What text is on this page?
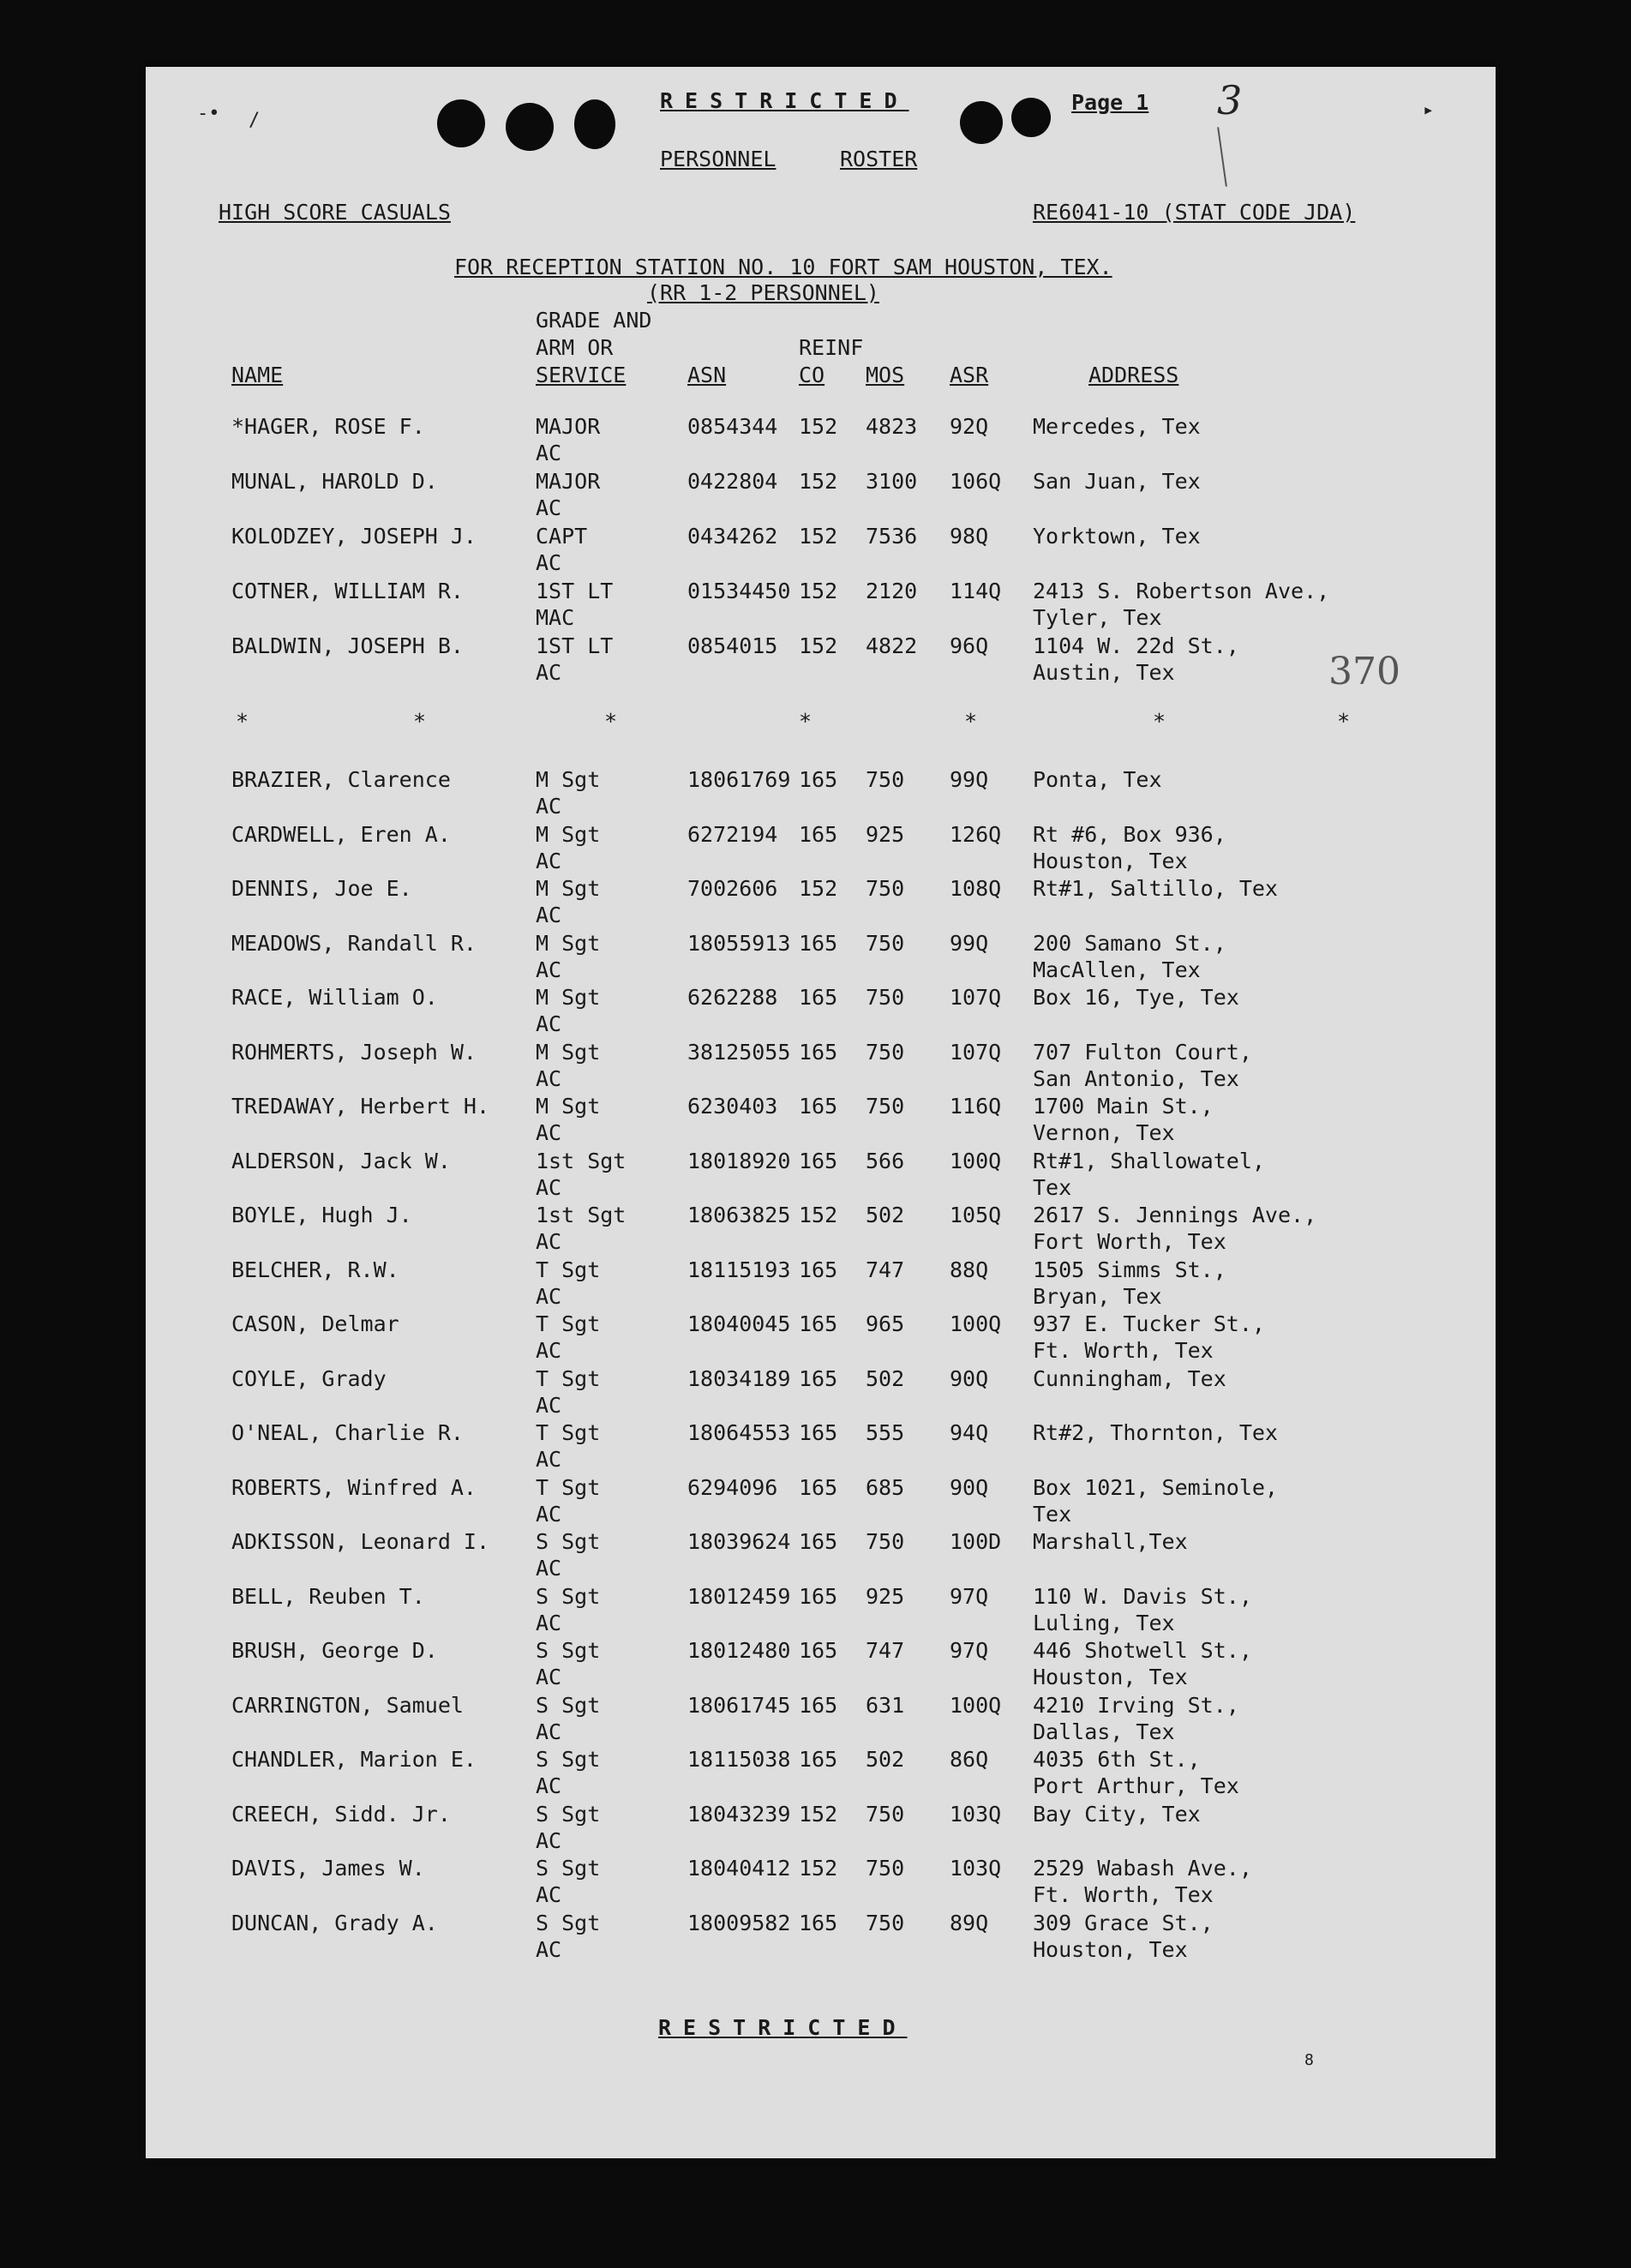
-• /	▸
RESTRICTED	Page 1 3
PERSONNEL	ROSTER
HIGH SCORE CASUALS	RE6041-10 (STAT CODE JDA)
FOR RECEPTION STATION NO. 10 FORT SAM HOUSTON, TEX.
(RR 1-2 PERSONNEL)
GRADE AND
ARM OR	REINF
NAME	SERVICE	ASN	CO MOS ASR	ADDRESS
*HAGER, ROSE F.	MAJOR	0854344 152 4823 92Q Mercedes, Tex
AC
MUNAL, HAROLD D.	MAJOR	0422804 152 3100 106Q San Juan, Tex
AC
KOLODZEY, JOSEPH J.	CAPT	0434262 152 7536 98Q Yorktown, Tex
AC
COTNER, WILLIAM R.	1ST LT	01534450 152 2120 114Q 2413 S. Robertson Ave.,
MAC	Tyler, Tex
BALDWIN, JOSEPH B.	1ST LT	0854015 152 4822 96Q 1104 W. 22d St.,
AC	Austin, Tex
BRAZIER, Clarence	M Sgt	18061769 165 750 99Q Ponta, Tex
AC
CARDWELL, Eren A.	M Sgt	6272194 165 925 126Q Rt #6, Box 936,
AC	Houston, Tex
DENNIS, Joe E.	M Sgt	7002606 152 750 108Q Rt#1, Saltillo, Tex
AC
MEADOWS, Randall R.	M Sgt	18055913 165 750 99Q 200 Samano St.,
AC	MacAllen, Tex
RACE, William O.	M Sgt	6262288 165 750 107Q Box 16, Tye, Tex
AC
ROHMERTS, Joseph W.	M Sgt	38125055 165 750 107Q 707 Fulton Court,
AC	San Antonio, Tex
TREDAWAY, Herbert H. M Sgt	6230403 165 750 116Q 1700 Main St.,
AC	Vernon, Tex
ALDERSON, Jack W.	1st Sgt	18018920 165 566 100Q Rt#1, Shallowatel,
AC	Tex
BOYLE, Hugh J.	1st Sgt	18063825 152 502 105Q 2617 S. Jennings Ave.,
AC	Fort Worth, Tex
BELCHER, R.W.	T Sgt	18115193 165 747 88Q 1505 Simms St.,
AC	Bryan, Tex
CASON, Delmar	T Sgt	18040045 165 965 100Q 937 E. Tucker St.,
AC	Ft. Worth, Tex
COYLE, Grady	T Sgt	18034189 165 502 90Q Cunningham, Tex
AC
O'NEAL, Charlie R.	T Sgt	18064553 165 555 94Q Rt#2, Thornton, Tex
AC
ROBERTS, Winfred A.	T Sgt	6294096 165 685 90Q Box 1021, Seminole,
AC	Tex
ADKISSON, Leonard I. S Sgt	18039624 165 750 100D Marshall,Tex
AC
BELL, Reuben T.	S Sgt	18012459 165 925 97Q 110 W. Davis St.,
AC	Luling, Tex
BRUSH, George D.	S Sgt	18012480 165 747 97Q 446 Shotwell St.,
AC	Houston, Tex
CARRINGTON, Samuel	S Sgt	18061745 165 631 100Q 4210 Irving St.,
AC	Dallas, Tex
CHANDLER, Marion E.	S Sgt	18115038 165 502 86Q 4035 6th St.,
AC	Port Arthur, Tex
CREECH, Sidd. Jr.	S Sgt	18043239 152 750 103Q Bay City, Tex
AC
DAVIS, James W.	S Sgt	18040412 152 750 103Q 2529 Wabash Ave.,
AC	Ft. Worth, Tex
DUNCAN, Grady A.	S Sgt	18009582 165 750 89Q 309 Grace St.,
AC	Houston, Tex
*	*	*	*	*	*	*
370
RESTRICTED
8
